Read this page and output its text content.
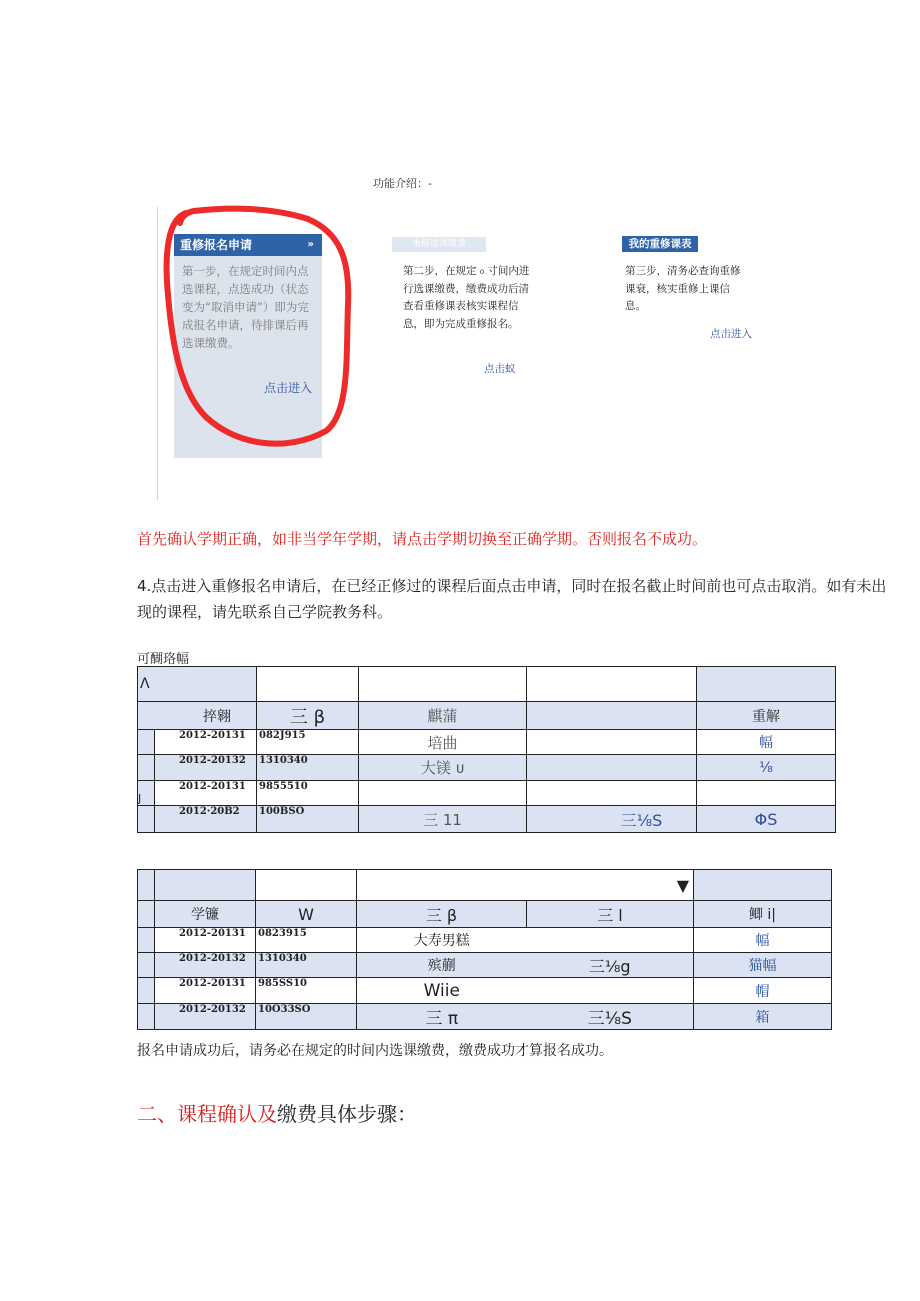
功能介绍：-
重修报名申请	»
第一步，在规定时间内点选课程，点选成功（状态变为“取消申请”）即为完成报名申请，待排课后再选课缴费。
点击进入
重修选课缴费
第二步，在规定 ₀ 寸间内进行选课缴费，缴费成功后清查看重修课表核实课程信息，即为完成重修报名。
点击蚁
我的重修课表
第三步，清务必查询重修课衰，核实重修上课信息。
点击进入
首先确认学期正确，如非当学年学期，请点击学期切换至正确学期。否则报名不成功。
4.点击进入重修报名申请后，在已经正修过的课程后面点击申请，同时在报名截止时间前也可点击取消。如有未出现的课程，请先联系自己学院教务科。
可醐珞幅
Λ					
捽翱		三 β	麒蒲		重解
	2012-20131	082J915	培曲		幅
	2012-20132	1310340	大镁 ᴜ		⅛
J	2012-20131	9855510			
	2012·20B2	100BSO	三 11	三⅛S	ΦS
			▼		
	学镰	W	三 β	三 l	鲫 i|
	2012-20131	0823915	大寿男糕		幅
	2012-20132	1310340	殡蒯	三⅛g	猫幅
	2012-20131	985SS10	Wiie		帽
	2012-20132	10O33SO	三 π	三⅛S	箱
报名申请成功后，请务必在规定的时间内选课缴费，缴费成功才算报名成功。
二、课程确认及缴费具体步骤：
